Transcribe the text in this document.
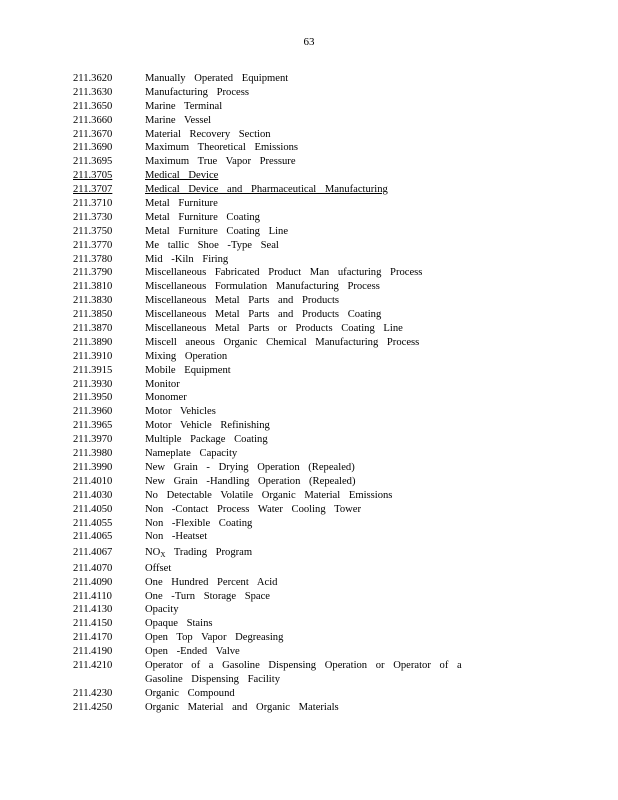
63
211.3620	Manually Operated Equipment
211.3630	Manufacturing Process
211.3650	Marine Terminal
211.3660	Marine Vessel
211.3670	Material Recovery Section
211.3690	Maximum Theoretical Emissions
211.3695	Maximum True Vapor Pressure
211.3705	Medical Device
211.3707	Medical Device and Pharmaceutical Manufacturing
211.3710	Metal Furniture
211.3730	Metal Furniture Coating
211.3750	Metal Furniture Coating Line
211.3770	Me tallic Shoe -Type Seal
211.3780	Mid -Kiln Firing
211.3790	Miscellaneous Fabricated Product Man ufacturing Process
211.3810	Miscellaneous Formulation Manufacturing Process
211.3830	Miscellaneous Metal Parts and Products
211.3850	Miscellaneous Metal Parts and Products Coating
211.3870	Miscellaneous Metal Parts or Products Coating Line
211.3890	Miscell aneous Organic Chemical Manufacturing Process
211.3910	Mixing Operation
211.3915	Mobile Equipment
211.3930	Monitor
211.3950	Monomer
211.3960	Motor Vehicles
211.3965	Motor Vehicle Refinishing
211.3970	Multiple Package Coating
211.3980	Nameplate Capacity
211.3990	New Grain - Drying Operation (Repealed)
211.4010	New Grain -Handling Operation (Repealed)
211.4030	No Detectable Volatile Organic Material Emissions
211.4050	Non -Contact Process Water Cooling Tower
211.4055	Non -Flexible Coating
211.4065	Non -Heatset
211.4067	$NO_X$ Trading Program
211.4070	Offset
211.4090	One Hundred Percent Acid
211.4110	One -Turn Storage Space
211.4130	Opacity
211.4150	Opaque Stains
211.4170	Open Top Vapor Degreasing
211.4190	Open -Ended Valve
211.4210	Operator of a Gasoline Dispensing Operation or Operator of a Gasoline Dispensing Facility
211.4230	Organic Compound
211.4250	Organic Material and Organic Materials
